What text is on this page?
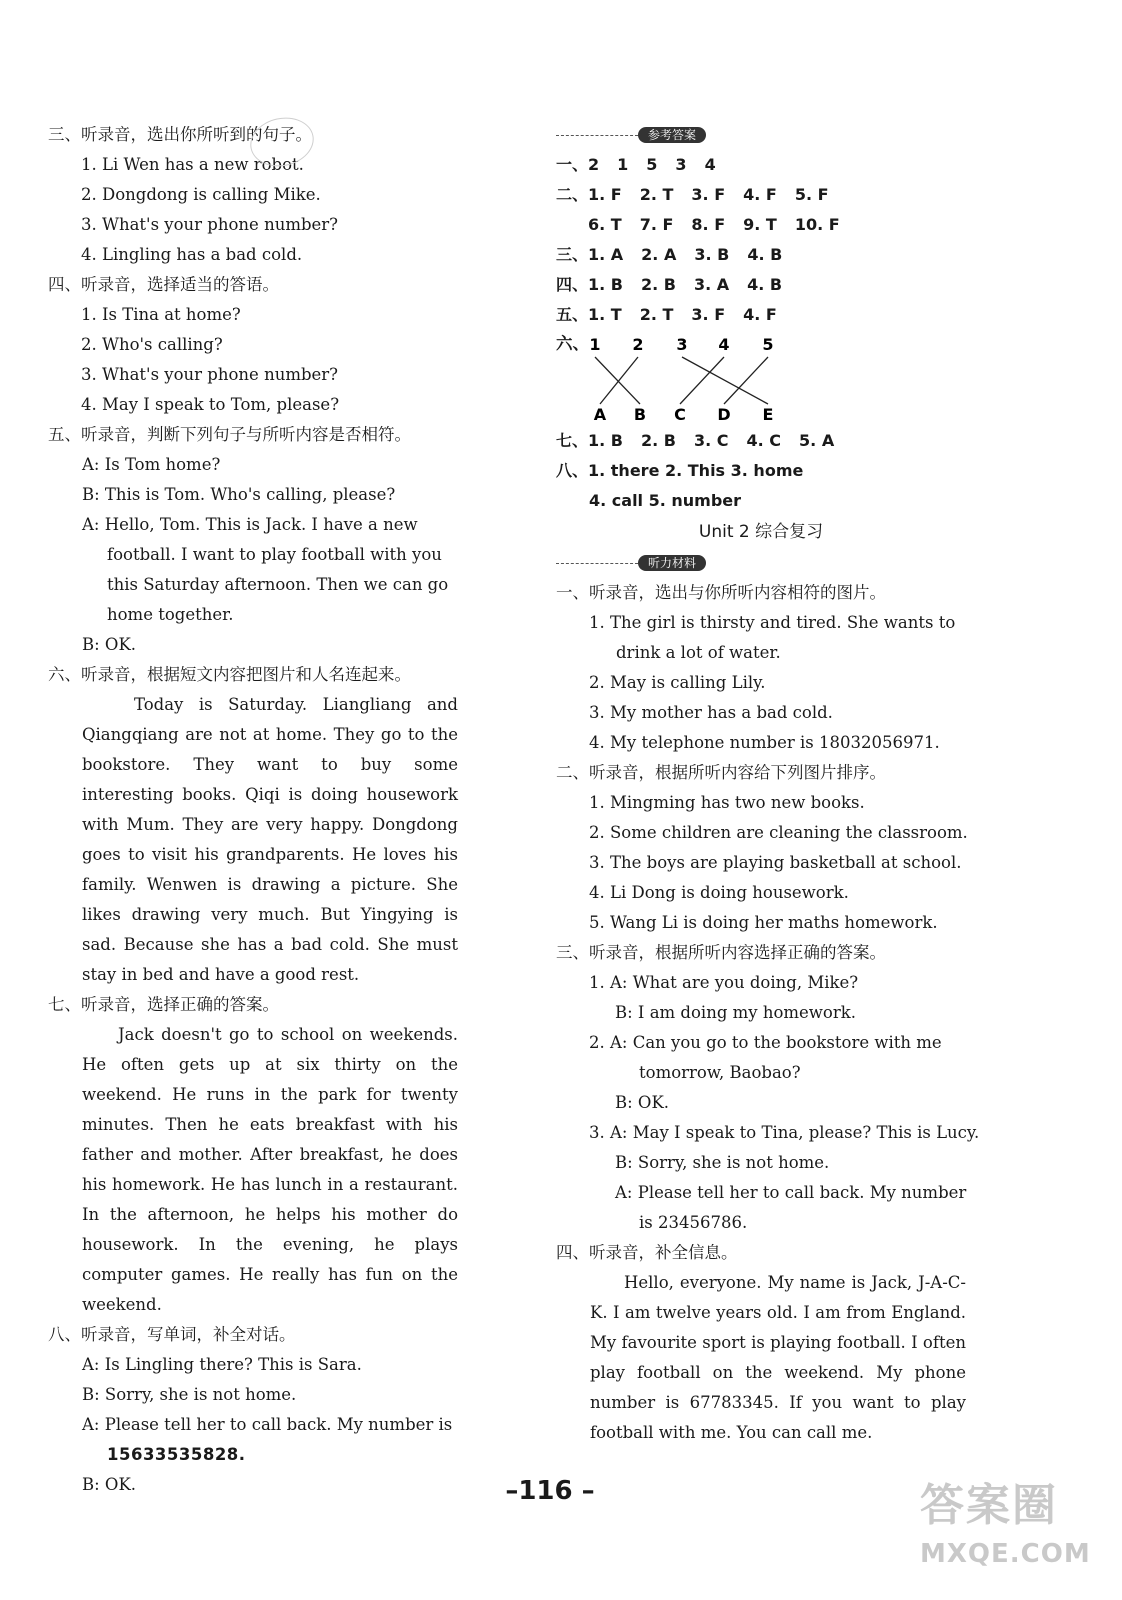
三、听录音，选出你所听到的句子。
1. Li Wen has a new robot.
2. Dongdong is calling Mike.
3. What's your phone number?
4. Lingling has a bad cold.
四、听录音，选择适当的答语。
1. Is Tina at home?
2. Who's calling?
3. What's your phone number?
4. May I speak to Tom, please?
五、听录音，判断下列句子与所听内容是否相符。
A: Is Tom home?
B: This is Tom. Who's calling, please?
A: Hello, Tom. This is Jack. I have a new
football. I want to play football with you
this Saturday afternoon. Then we can go
home together.
B: OK.
六、听录音，根据短文内容把图片和人名连起来。
Today is Saturday. Liangliang and Qiangqiang are not at home. They go to the bookstore. They want to buy some interesting books. Qiqi is doing housework with Mum. They are very happy. Dongdong goes to visit his grandparents. He loves his family. Wenwen is drawing a picture. She likes drawing very much. But Yingying is sad. Because she has a bad cold. She must stay in bed and have a good rest.
七、听录音，选择正确的答案。
Jack doesn't go to school on weekends. He often gets up at six thirty on the weekend. He runs in the park for twenty minutes. Then he eats breakfast with his father and mother. After breakfast, he does his homework. He has lunch in a restaurant. In the afternoon, he helps his mother do housework. In the evening, he plays computer games. He really has fun on the weekend.
八、听录音，写单词，补全对话。
A: Is Lingling there? This is Sara.
B: Sorry, she is not home.
A: Please tell her to call back. My number is
15633535828.
B: OK.
参考答案
一、2 1 5 3 4
二、1. F 2. T 3. F 4. F 5. F
6. T 7. F 8. F 9. T 10. F
三、1. A 2. A 3. B 4. B
四、1. B 2. B 3. A 4. B
五、1. T 2. T 3. F 4. F
六、 1 2 3 4 5
A B C D E
七、1. B 2. B 3. C 4. C 5. A
八、1. there 2. This 3. home
4. call 5. number
Unit 2 综合复习
听力材料
一、听录音，选出与你所听内容相符的图片。
1. The girl is thirsty and tired. She wants to
drink a lot of water.
2. May is calling Lily.
3. My mother has a bad cold.
4. My telephone number is 18032056971.
二、听录音，根据所听内容给下列图片排序。
1. Mingming has two new books.
2. Some children are cleaning the classroom.
3. The boys are playing basketball at school.
4. Li Dong is doing housework.
5. Wang Li is doing her maths homework.
三、听录音，根据所听内容选择正确的答案。
1. A: What are you doing, Mike?
B: I am doing my homework.
2. A: Can you go to the bookstore with me
tomorrow, Baobao?
B: OK.
3. A: May I speak to Tina, please? This is Lucy.
B: Sorry, she is not home.
A: Please tell her to call back. My number
is 23456786.
四、听录音，补全信息。
Hello, everyone. My name is Jack, J-A-C-K. I am twelve years old. I am from England. My favourite sport is playing football. I often play football on the weekend. My phone number is 67783345. If you want to play football with me. You can call me.
–116 –	答案圈
MXQE.COM
